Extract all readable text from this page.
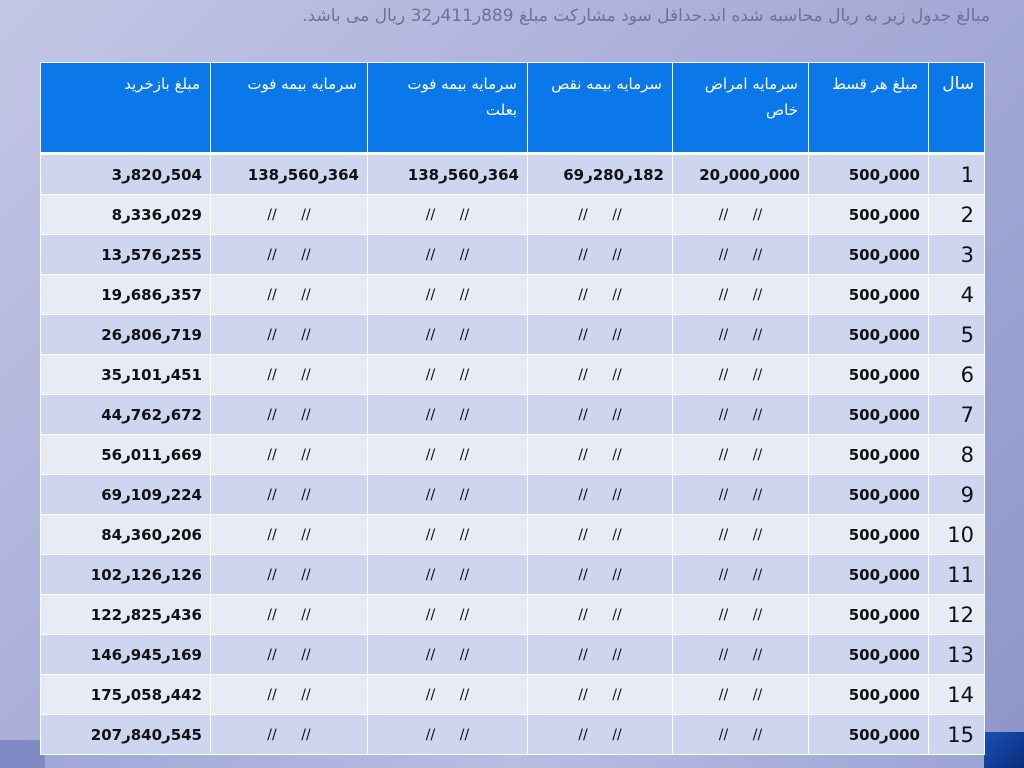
مبالغ جدول زیر به ریال محاسبه شده اند.حداقل سود مشارکت مبلغ 889ر411ر32 ریال می باشد.
سال	مبلغ هر قسط	سرمایه امراض خاص	سرمایه بیمه نقص	سرمایه بیمه فوت بعلت	سرمایه بیمه فوت	مبلغ بازخرید
1	000ر500	000ر000ر20	182ر280ر69	364ر560ر138	364ر560ر138	504ر820ر3
2	000ر500	////	////	////	////	029ر336ر8
3	000ر500	////	////	////	////	255ر576ر13
4	000ر500	////	////	////	////	357ر686ر19
5	000ر500	////	////	////	////	719ر806ر26
6	000ر500	////	////	////	////	451ر101ر35
7	000ر500	////	////	////	////	672ر762ر44
8	000ر500	////	////	////	////	669ر011ر56
9	000ر500	////	////	////	////	224ر109ر69
10	000ر500	////	////	////	////	206ر360ر84
11	000ر500	////	////	////	////	126ر126ر102
12	000ر500	////	////	////	////	436ر825ر122
13	000ر500	////	////	////	////	169ر945ر146
14	000ر500	////	////	////	////	442ر058ر175
15	000ر500	////	////	////	////	545ر840ر207
